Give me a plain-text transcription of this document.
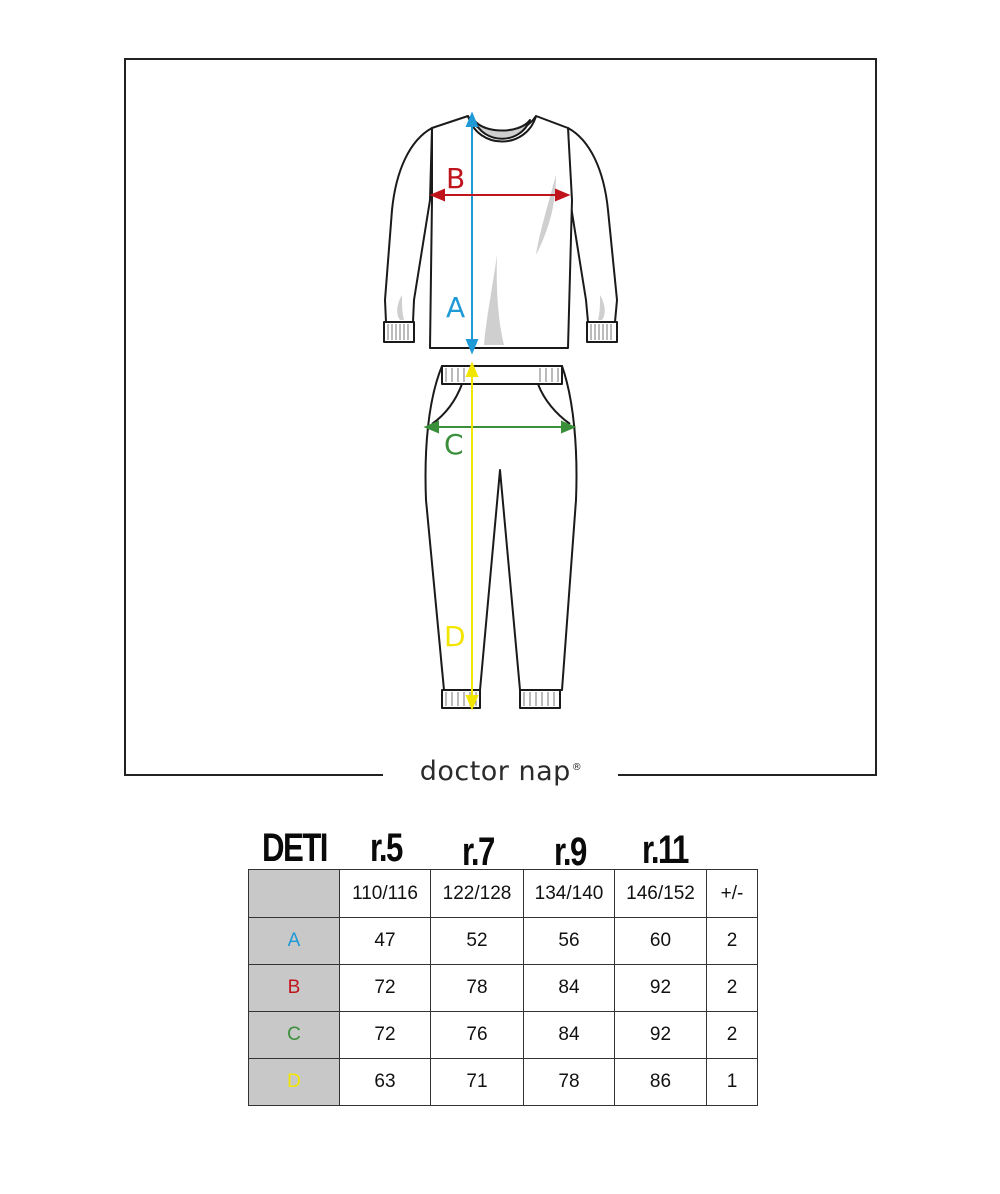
B
A
C
D
doctor nap®
DETI r.5 r.7 r.9 r.11
	110/116	122/128	134/140	146/152	+/-
A	47	52	56	60	2
B	72	78	84	92	2
C	72	76	84	92	2
D	63	71	78	86	1
